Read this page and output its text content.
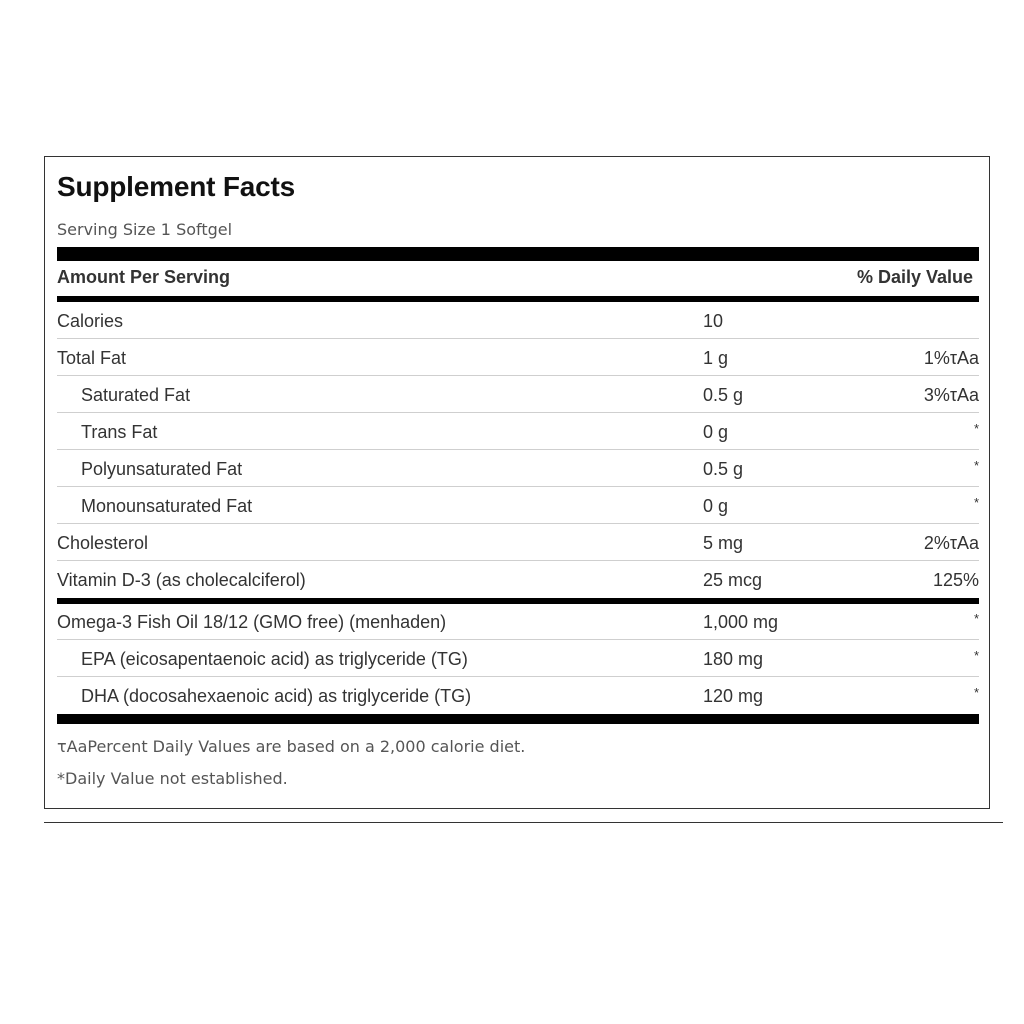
Supplement Facts
Serving Size 1 Softgel
Amount Per Serving	% Daily Value
Calories	10
Total Fat	1 g	1%τAa
Saturated Fat	0.5 g	3%τAa
Trans Fat	0 g	*
Polyunsaturated Fat	0.5 g	*
Monounsaturated Fat	0 g	*
Cholesterol	5 mg	2%τAa
Vitamin D-3 (as cholecalciferol)	25 mcg	125%
Omega-3 Fish Oil 18/12 (GMO free) (menhaden)	1,000 mg	*
EPA (eicosapentaenoic acid) as triglyceride (TG)	180 mg	*
DHA (docosahexaenoic acid) as triglyceride (TG)	120 mg	*
τAaPercent Daily Values are based on a 2,000 calorie diet.
*Daily Value not established.
